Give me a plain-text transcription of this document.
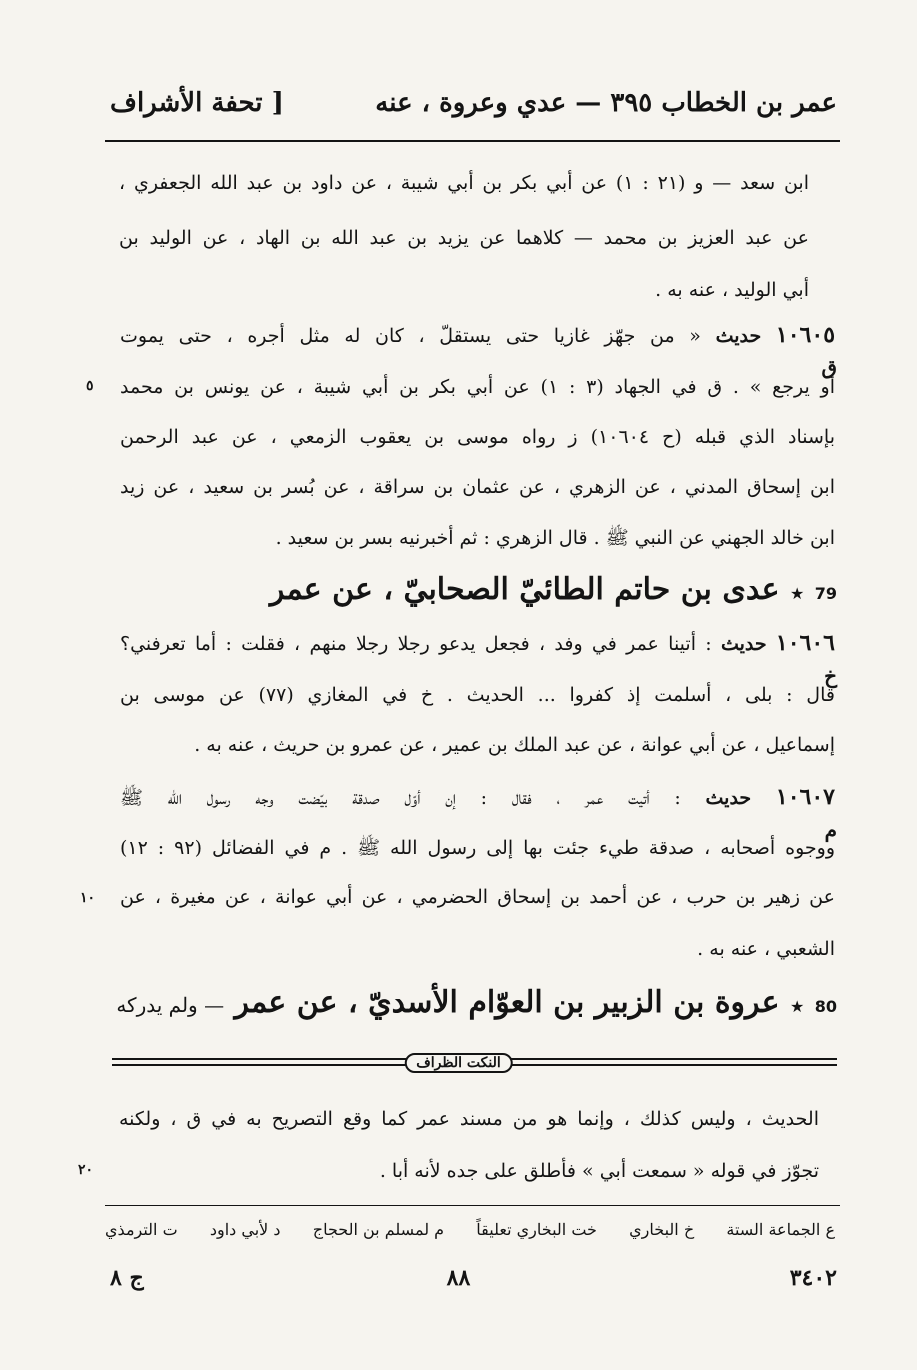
عمر بن الخطاب ٣٩٥ — عدي وعروة ، عنه
[ تحفة الأشراف
ابن سعد — و (٢١ : ١) عن أبي بكر بن أبي شيبة ، عن داود بن عبد الله الجعفري ،
عن عبد العزيز بن محمد — كلاهما عن يزيد بن عبد الله بن الهاد ، عن الوليد بن
أبي الوليد ، عنه به .
١٠٦٠٥ حديث « من جهّز غازيا حتى يستقلّ ، كان له مثل أجره ، حتى يموت
أو يرجع » . ق في الجهاد (٣ : ١) عن أبي بكر بن أبي شيبة ، عن يونس بن محمد
بإسناد الذي قبله (ح ١٠٦٠٤) ز رواه موسى بن يعقوب الزمعي ، عن عبد الرحمن
ابن إسحاق المدني ، عن الزهري ، عن عثمان بن سراقة ، عن بُسر بن سعيد ، عن زيد
ابن خالد الجهني عن النبي ﷺ . قال الزهري : ثم أخبرنيه بسر بن سعيد .
ق
٥
79 ★ عدى بن حاتم الطائيّ الصحابيّ ، عن عمر
١٠٦٠٦ حديث : أتينا عمر في وفد ، فجعل يدعو رجلا رجلا منهم ، فقلت : أما تعرفني؟
قال : بلى ، أسلمت إذ كفروا ... الحديث . خ في المغازي (٧٧) عن موسى بن
إسماعيل ، عن أبي عوانة ، عن عبد الملك بن عمير ، عن عمرو بن حريث ، عنه به .
خ
١٠٦٠٧ حديث : أتيت عمر ، فقال : إن أوّل صدقة بيّضت وجه رسول الله ﷺ
ووجوه أصحابه ، صدقة طيء جئت بها إلى رسول الله ﷺ . م في الفضائل (٩٢ : ١٢)
عن زهير بن حرب ، عن أحمد بن إسحاق الحضرمي ، عن أبي عوانة ، عن مغيرة ، عن
الشعبي ، عنه به .
م
١٠
80 ★ عروة بن الزبير بن العوّام الأسديّ ، عن عمر — ولم يدركه
النكت الظراف
الحديث ، وليس كذلك ، وإنما هو من مسند عمر كما وقع التصريح به في ق ، ولكنه
تجوّز في قوله « سمعت أبي » فأطلق على جده لأنه أبا .
٢٠
ع الجماعة الستة
خ البخاري
خت البخاري تعليقاً
م لمسلم بن الحجاج
د لأبي داود
ت الترمذي
٣٤٠٢
٨٨
ج ٨
